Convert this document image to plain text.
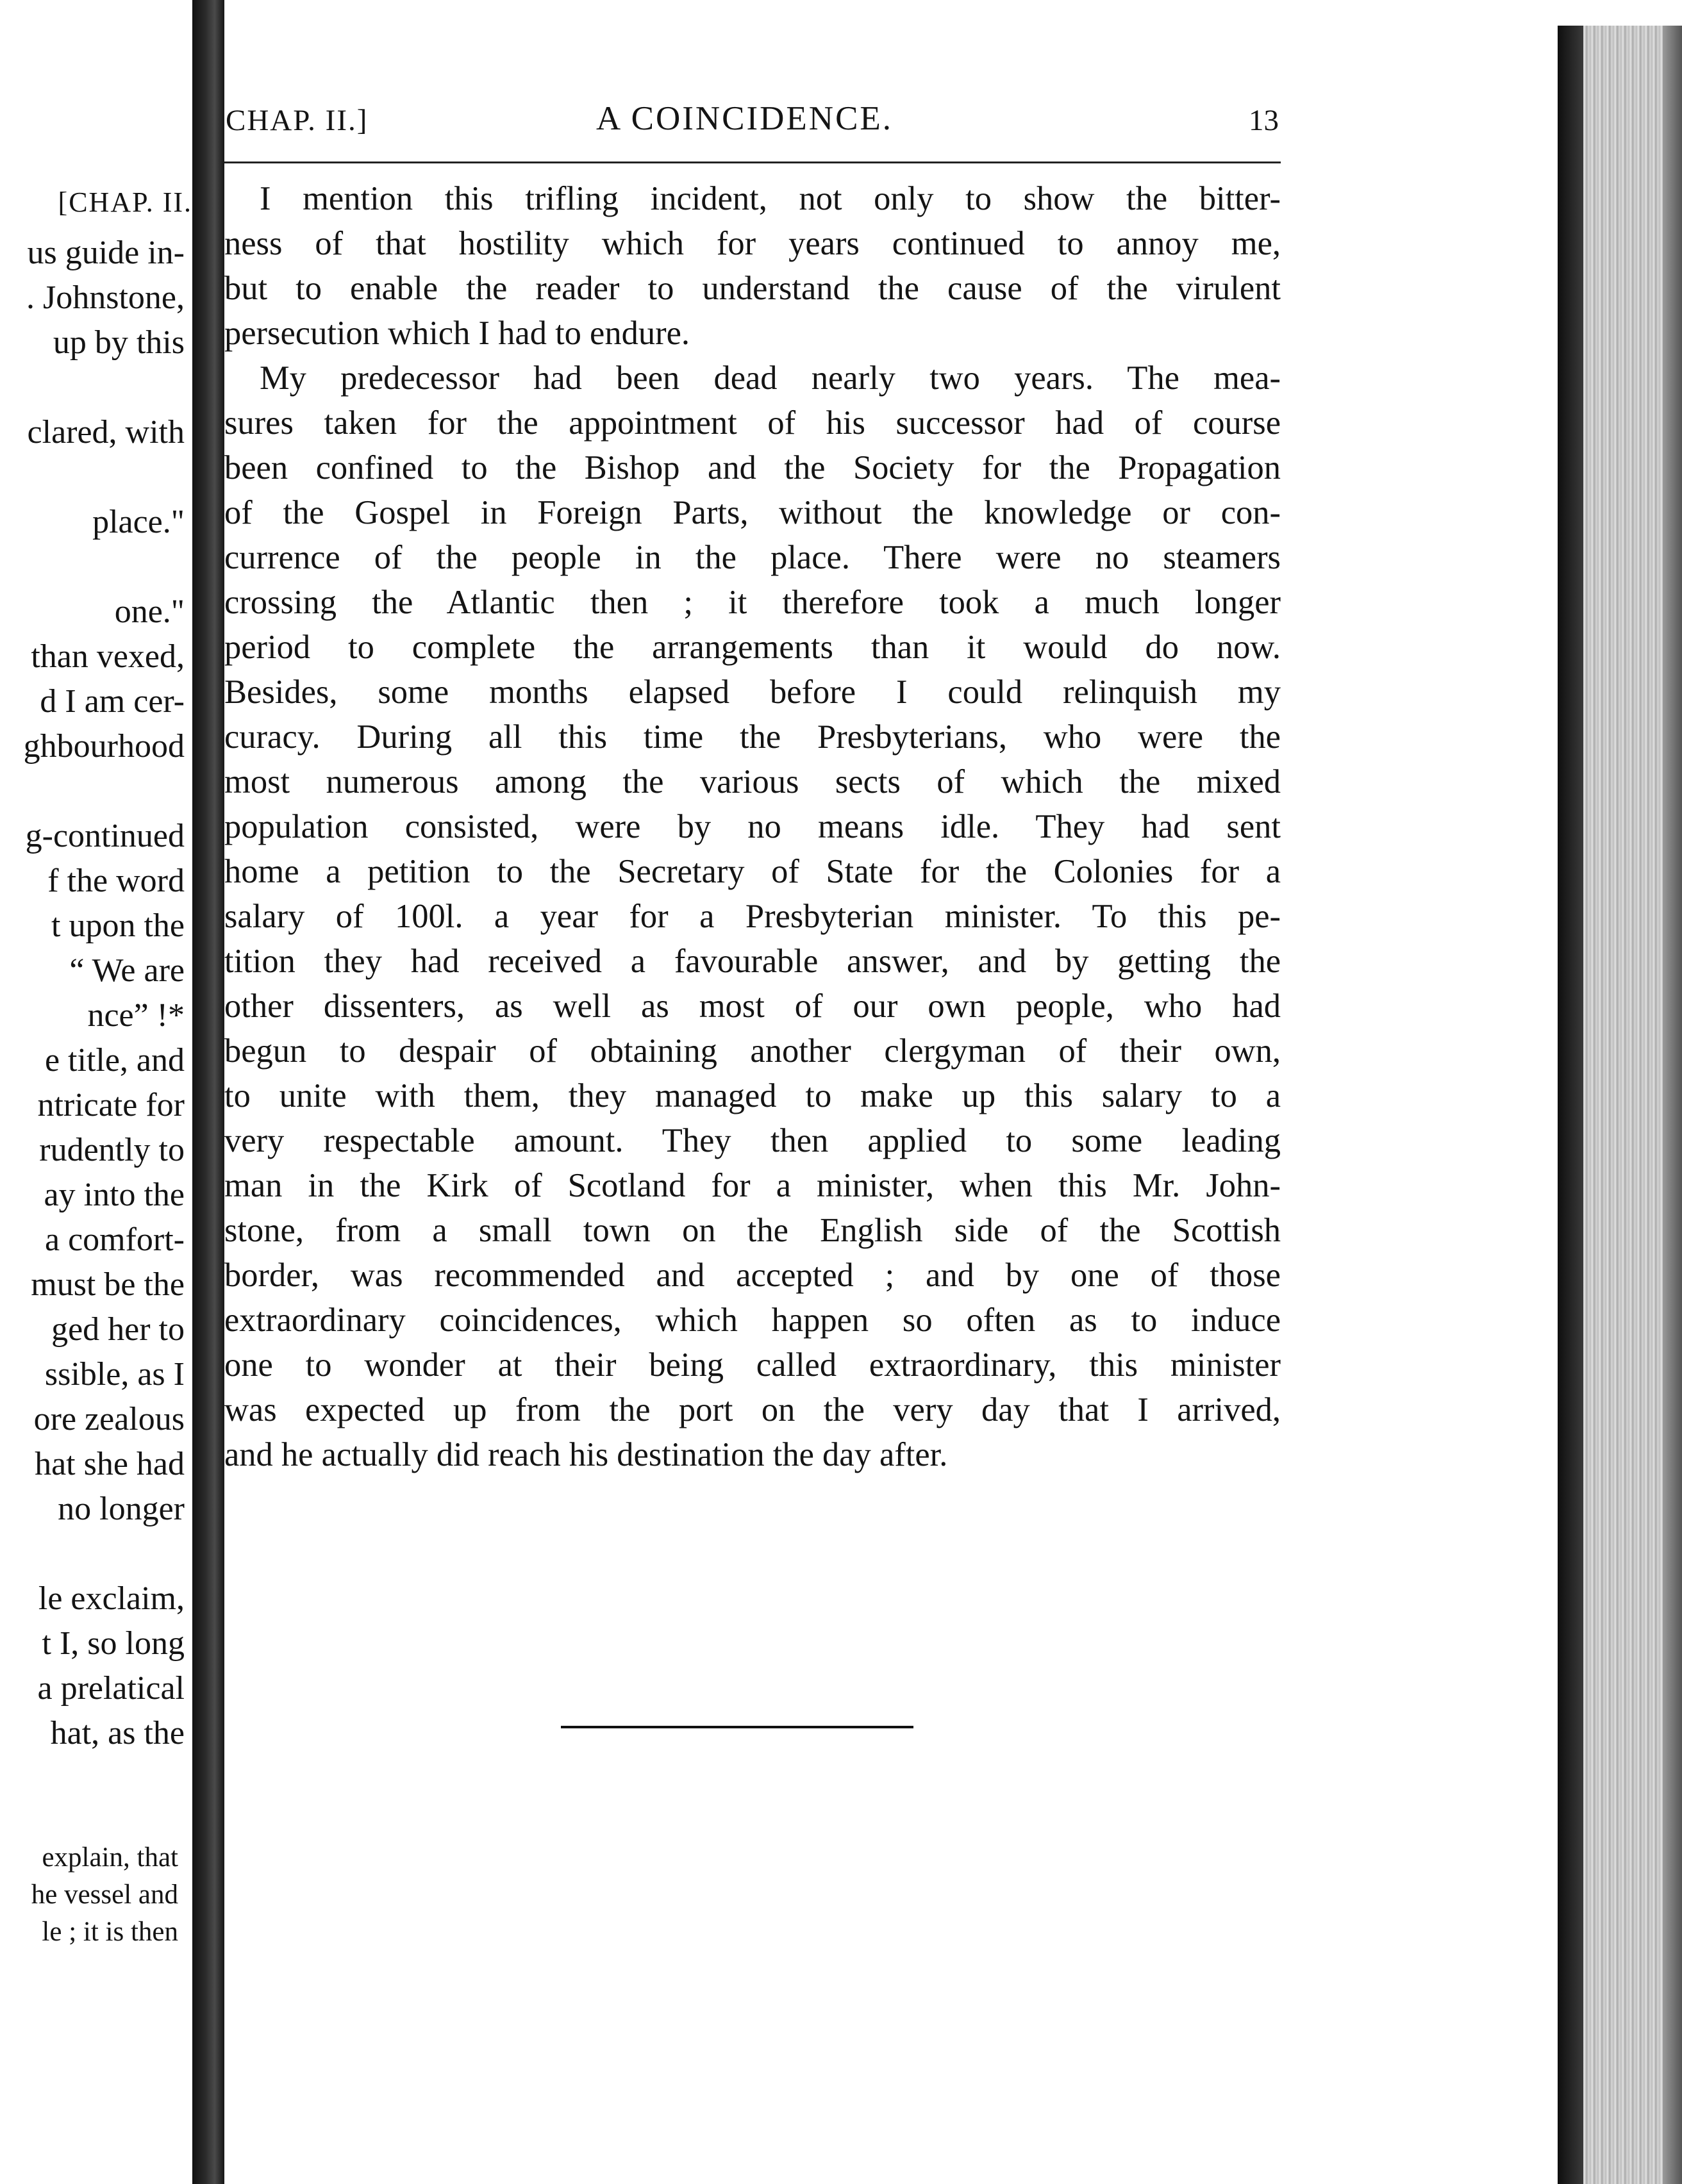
[CHAP. II.
us guide in-
. Johnstone,
up by this
clared, with
place."
one."
than vexed,
d I am cer-
ghbourhood
g-continued
f the word
t upon the
“ We are
nce” !*
e title, and
ntricate for
rudently to
ay into the
a comfort-
must be the
ged her to
ssible, as I
ore zealous
hat she had
no longer
le exclaim,
t I, so long
a prelatical
hat, as the
explain, that
he vessel and
le ; it is then
CHAP. II.]	A COINCIDENCE.	13
I mention this trifling incident, not only to show the bitter-
ness of that hostility which for years continued to annoy me,
but to enable the reader to understand the cause of the virulent
persecution which I had to endure.
My predecessor had been dead nearly two years. The mea-
sures taken for the appointment of his successor had of course
been confined to the Bishop and the Society for the Propagation
of the Gospel in Foreign Parts, without the knowledge or con-
currence of the people in the place. There were no steamers
crossing the Atlantic then ; it therefore took a much longer
period to complete the arrangements than it would do now.
Besides, some months elapsed before I could relinquish my
curacy. During all this time the Presbyterians, who were the
most numerous among the various sects of which the mixed
population consisted, were by no means idle. They had sent
home a petition to the Secretary of State for the Colonies for a
salary of 100l. a year for a Presbyterian minister. To this pe-
tition they had received a favourable answer, and by getting the
other dissenters, as well as most of our own people, who had
begun to despair of obtaining another clergyman of their own,
to unite with them, they managed to make up this salary to a
very respectable amount. They then applied to some leading
man in the Kirk of Scotland for a minister, when this Mr. John-
stone, from a small town on the English side of the Scottish
border, was recommended and accepted ; and by one of those
extraordinary coincidences, which happen so often as to induce
one to wonder at their being called extraordinary, this minister
was expected up from the port on the very day that I arrived,
and he actually did reach his destination the day after.
